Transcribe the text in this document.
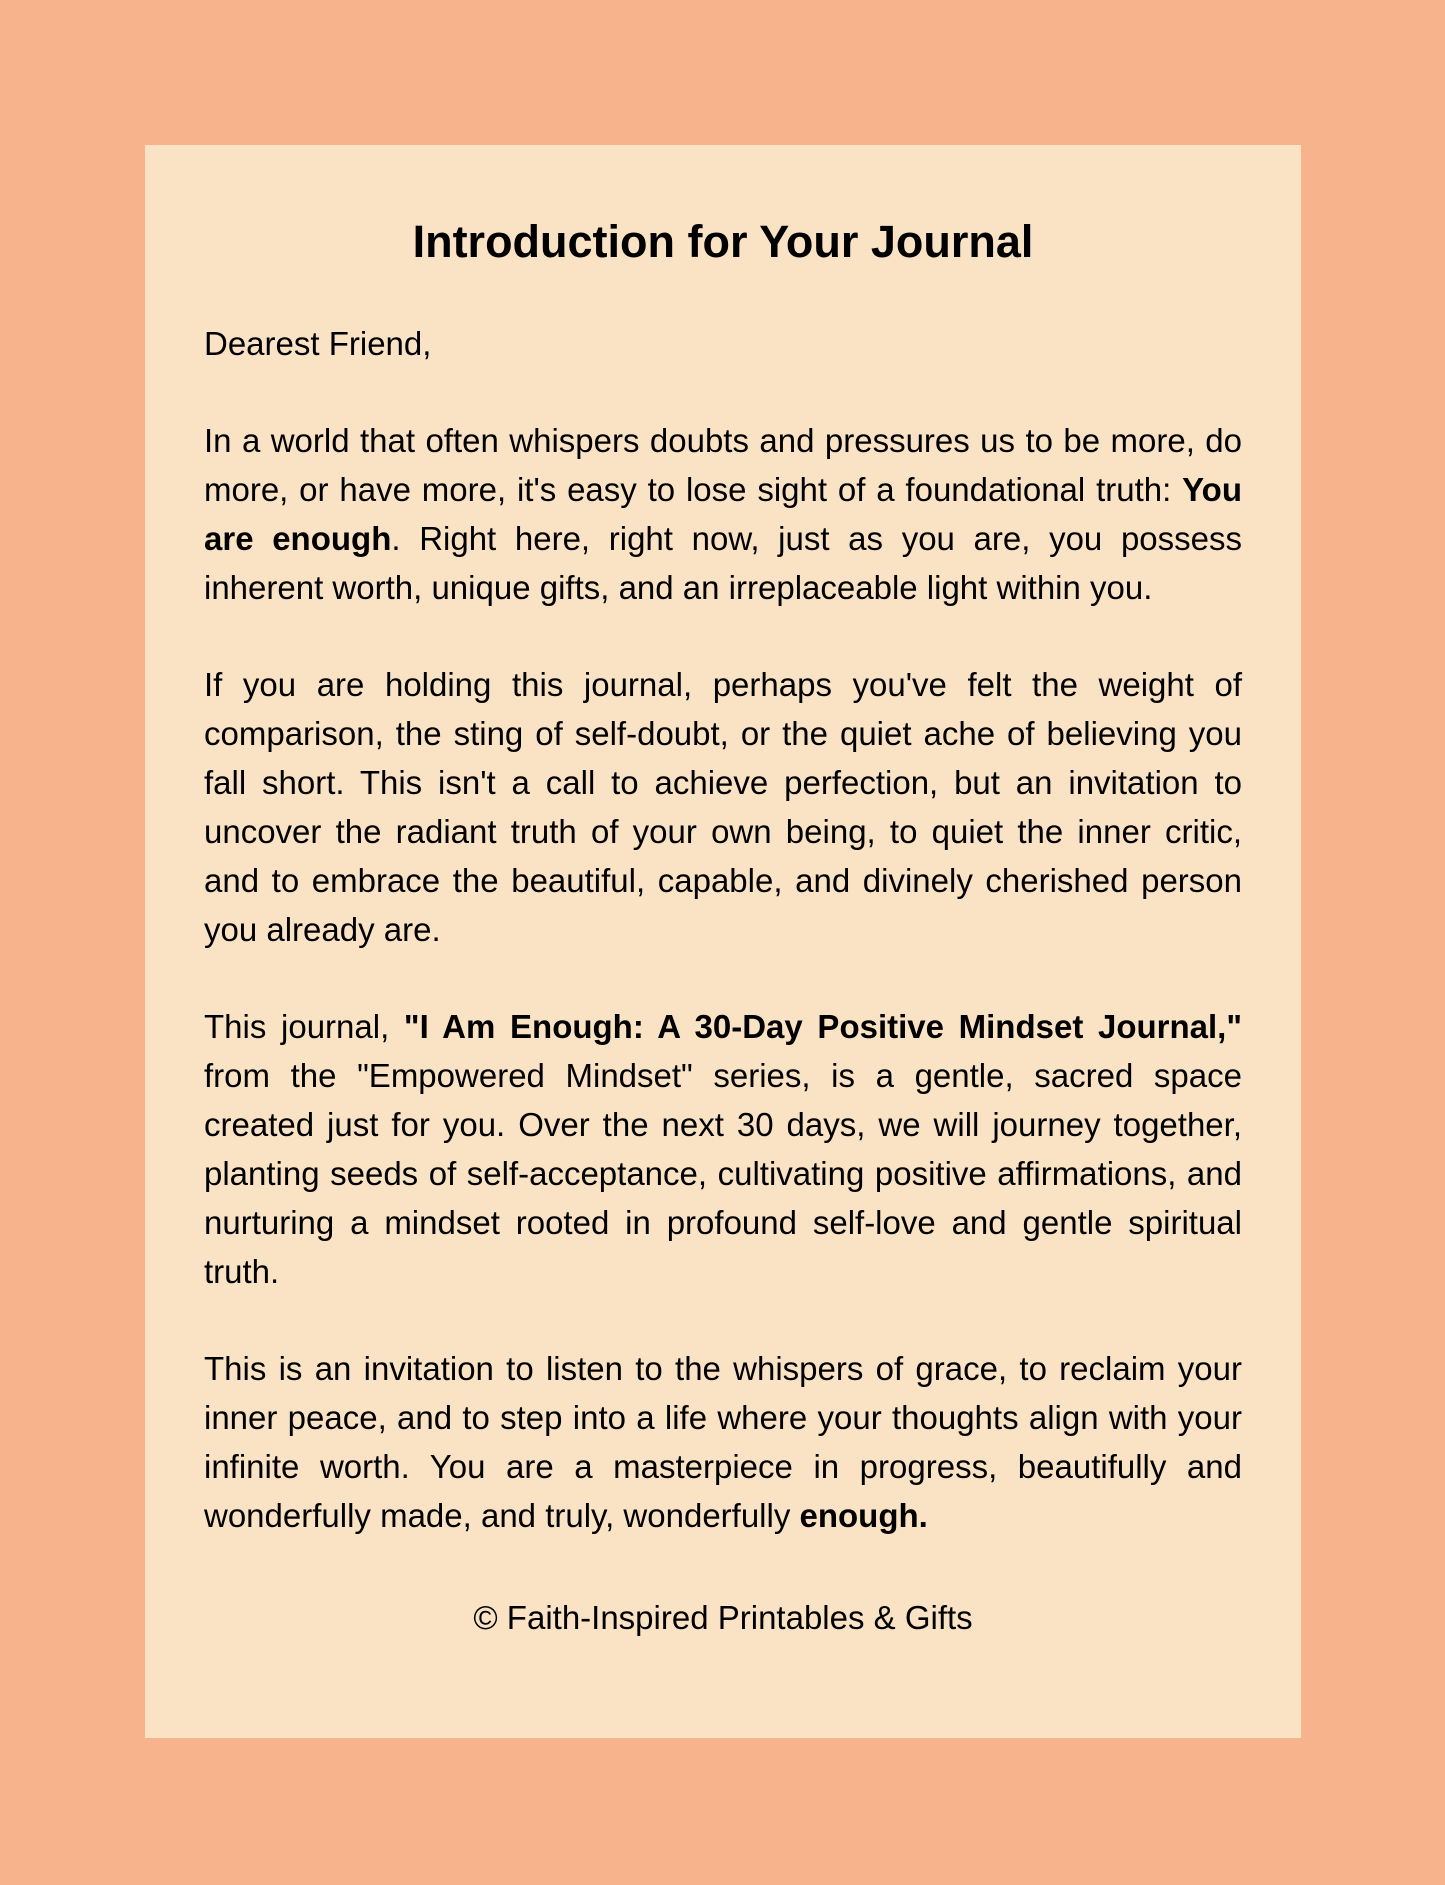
Introduction for Your Journal

Dearest Friend,

In a world that often whispers doubts and pressures us to be more, do more, or have more, it's easy to lose sight of a foundational truth: You are enough. Right here, right now, just as you are, you possess inherent worth, unique gifts, and an irreplaceable light within you.

If you are holding this journal, perhaps you've felt the weight of comparison, the sting of self-doubt, or the quiet ache of believing you fall short. This isn't a call to achieve perfection, but an invitation to uncover the radiant truth of your own being, to quiet the inner critic, and to embrace the beautiful, capable, and divinely cherished person you already are.

This journal, "I Am Enough: A 30-Day Positive Mindset Journal," from the "Empowered Mindset" series, is a gentle, sacred space created just for you. Over the next 30 days, we will journey together, planting seeds of self-acceptance, cultivating positive affirmations, and nurturing a mindset rooted in profound self-love and gentle spiritual truth.

This is an invitation to listen to the whispers of grace, to reclaim your inner peace, and to step into a life where your thoughts align with your infinite worth. You are a masterpiece in progress, beautifully and wonderfully made, and truly, wonderfully enough.

© Faith-Inspired Printables & Gifts
